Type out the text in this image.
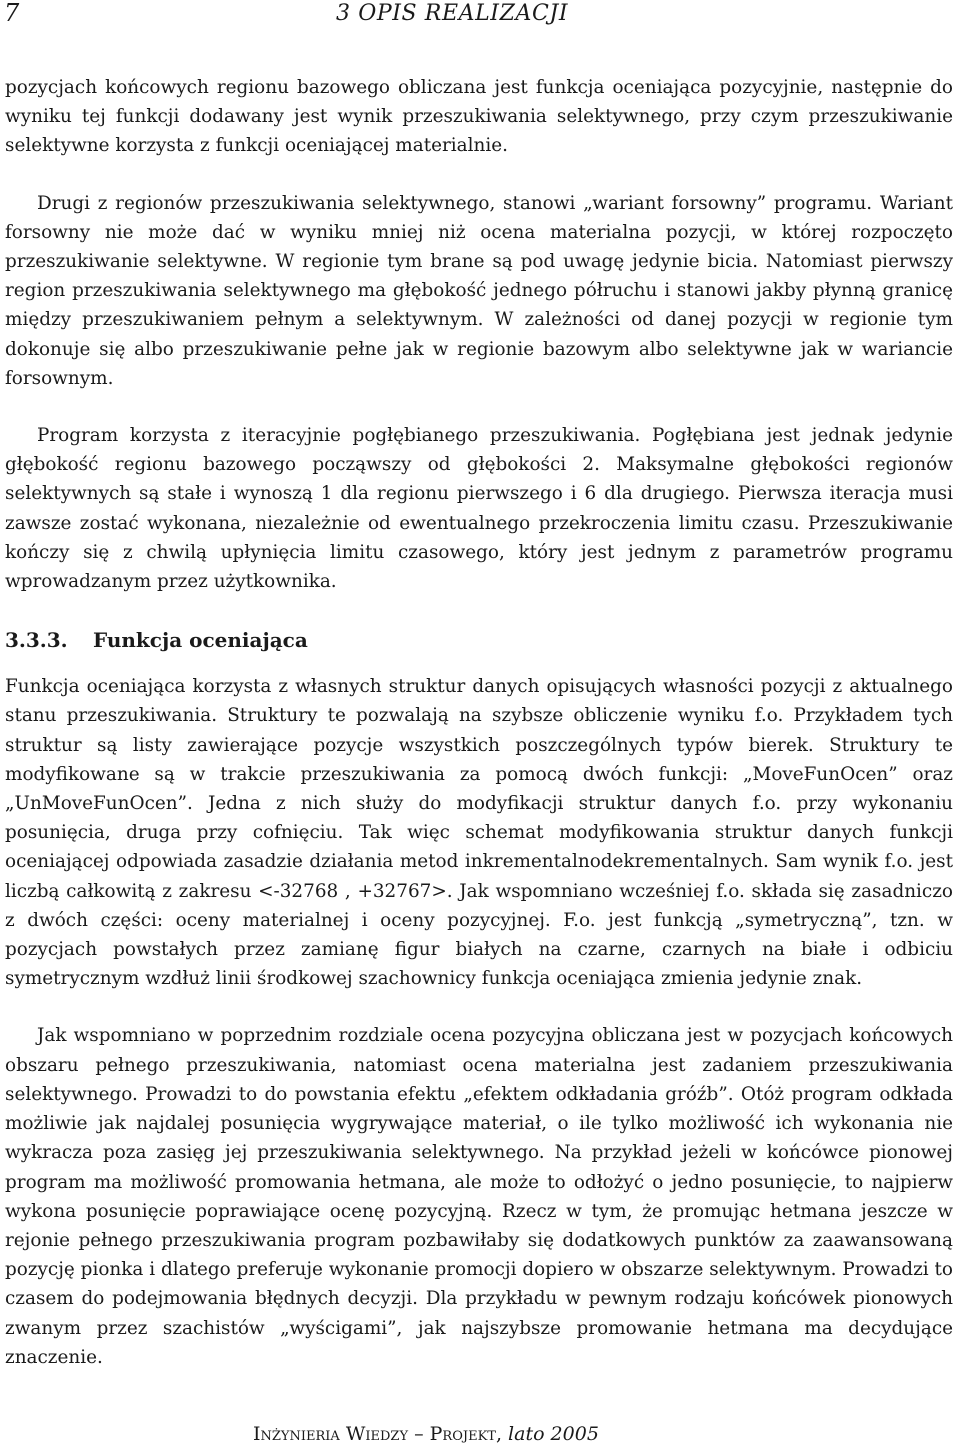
7	3 OPIS REALIZACJI

pozycjach końcowych regionu bazowego obliczana jest funkcja oceniająca pozycyjnie, następnie do wyniku tej funkcji dodawany jest wynik przeszukiwania selektywnego, przy czym przeszukiwanie selektywne korzysta z funkcji oceniającej materialnie.

Drugi z regionów przeszukiwania selektywnego, stanowi „wariant forsowny” programu. Wariant forsowny nie może dać w wyniku mniej niż ocena materialna pozycji, w której rozpoczęto przeszukiwanie selektywne. W regionie tym brane są pod uwagę jedynie bicia. Natomiast pierwszy region przeszukiwania selektywnego ma głębokość jednego półruchu i stanowi jakby płynną granicę między przeszukiwaniem pełnym a selektywnym. W zależności od danej pozycji w regionie tym dokonuje się albo przeszukiwanie pełne jak w regionie bazowym albo selektywne jak w wariancie forsownym.

Program korzysta z iteracyjnie pogłębianego przeszukiwania. Pogłębiana jest jednak jedynie głębokość regionu bazowego począwszy od głębokości 2. Maksymalne głębokości regionów selektywnych są stałe i wynoszą 1 dla regionu pierwszego i 6 dla drugiego. Pierwsza iteracja musi zawsze zostać wykonana, niezależnie od ewentualnego przekroczenia limitu czasu. Przeszukiwanie kończy się z chwilą upłynięcia limitu czasowego, który jest jednym z parametrów programu wprowadzanym przez użytkownika.

3.3.3. Funkcja oceniająca

Funkcja oceniająca korzysta z własnych struktur danych opisujących własności pozycji z aktualnego stanu przeszukiwania. Struktury te pozwalają na szybsze obliczenie wyniku f.o. Przykładem tych struktur są listy zawierające pozycje wszystkich poszczególnych typów bierek. Struktury te modyfikowane są w trakcie przeszukiwania za pomocą dwóch funkcji: „MoveFunOcen” oraz „UnMoveFunOcen”. Jedna z nich służy do modyfikacji struktur danych f.o. przy wykonaniu posunięcia, druga przy cofnięciu. Tak więc schemat modyfikowania struktur danych funkcji oceniającej odpowiada zasadzie działania metod inkrementalnodekrementalnych. Sam wynik f.o. jest liczbą całkowitą z zakresu <-32768 , +32767>. Jak wspomniano wcześniej f.o. składa się zasadniczo z dwóch części: oceny materialnej i oceny pozycyjnej. F.o. jest funkcją „symetryczną”, tzn. w pozycjach powstałych przez zamianę figur białych na czarne, czarnych na białe i odbiciu symetrycznym wzdłuż linii środkowej szachownicy funkcja oceniająca zmienia jedynie znak.

Jak wspomniano w poprzednim rozdziale ocena pozycyjna obliczana jest w pozycjach końcowych obszaru pełnego przeszukiwania, natomiast ocena materialna jest zadaniem przeszukiwania selektywnego. Prowadzi to do powstania efektu „efektem odkładania gróźb”. Otóż program odkłada możliwie jak najdalej posunięcia wygrywające materiał, o ile tylko możliwość ich wykonania nie wykracza poza zasięg jej przeszukiwania selektywnego. Na przykład jeżeli w końcówce pionowej program ma możliwość promowania hetmana, ale może to odłożyć o jedno posunięcie, to najpierw wykona posunięcie poprawiające ocenę pozycyjną. Rzecz w tym, że promując hetmana jeszcze w rejonie pełnego przeszukiwania program pozbawiłaby się dodatkowych punktów za zaawansowaną pozycję pionka i dlatego preferuje wykonanie promocji dopiero w obszarze selektywnym. Prowadzi to czasem do podejmowania błędnych decyzji. Dla przykładu w pewnym rodzaju końcówek pionowych zwanym przez szachistów „wyścigami”, jak najszybsze promowanie hetmana ma decydujące znaczenie.

Inżynieria Wiedzy – Projekt, lato 2005
